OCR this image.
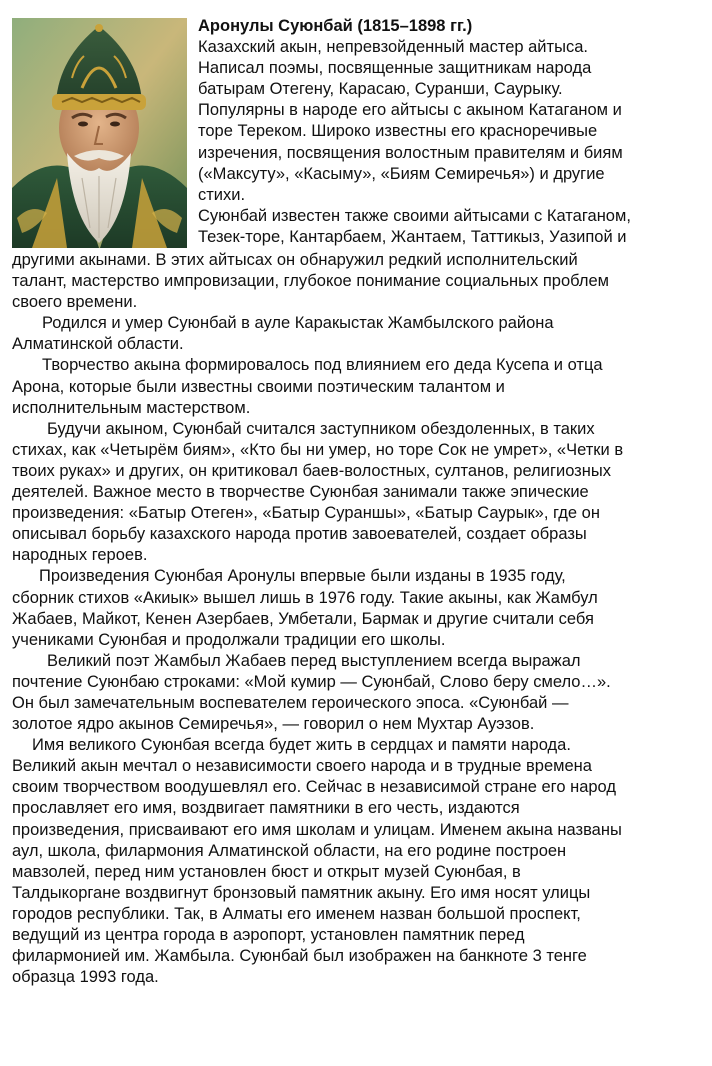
Аронулы Суюнбай (1815–1898 гг.)
Казахский акын, непревзойденный мастер айтыса.
Написал поэмы, посвященные защитникам народа
батырам Отегену, Карасаю, Суранши, Саурыку.
Популярны в народе его айтысы с акыном Катаганом и
торе Тереком. Широко известны его красноречивые
изречения, посвящения волостным правителям и биям
(«Максуту», «Касыму», «Биям Семиречья») и другие
стихи.
Суюнбай известен также своими айтысами с Катаганом,
Тезек-торе, Кантарбаем, Жантаем, Таттикыз, Уазипой и
другими акынами. В этих айтысах он обнаружил редкий исполнительский
талант, мастерство импровизации, глубокое понимание социальных проблем
своего времени.
Родился и умер Суюнбай в ауле Каракыстак Жамбылского района
Алматинской области.
Творчество акына формировалось под влиянием его деда Кусепа и отца
Арона, которые были известны своими поэтическим талантом и
исполнительным мастерством.
Будучи акыном, Суюнбай считался заступником обездоленных, в таких
стихах, как «Четырём биям», «Кто бы ни умер, но торе Сок не умрет», «Четки в
твоих руках» и других, он критиковал баев-волостных, султанов, религиозных
деятелей. Важное место в творчестве Суюнбая занимали также эпические
произведения: «Батыр Отеген», «Батыр Сураншы», «Батыр Саурык», где он
описывал борьбу казахского народа против завоевателей, создает образы
народных героев.
Произведения Суюнбая Аронулы впервые были изданы в 1935 году,
сборник стихов «Акиык» вышел лишь в 1976 году. Такие акыны, как Жамбул
Жабаев, Майкот, Кенен Азербаев, Умбетали, Бармак и другие считали себя
учениками Суюнбая и продолжали традиции его школы.
Великий поэт Жамбыл Жабаев перед выступлением всегда выражал
почтение Суюнбаю строками: «Мой кумир — Суюнбай, Слово беру смело…».
Он был замечательным воспевателем героического эпоса. «Суюнбай —
золотое ядро акынов Семиречья», — говорил о нем Мухтар Ауэзов.
Имя великого Суюнбая всегда будет жить в сердцах и памяти народа.
Великий акын мечтал о независимости своего народа и в трудные времена
своим творчеством воодушевлял его. Сейчас в независимой стране его народ
прославляет его имя, воздвигает памятники в его честь, издаются
произведения, присваивают его имя школам и улицам. Именем акына названы
аул, школа, филармония Алматинской области, на его родине построен
мавзолей, перед ним установлен бюст и открыт музей Суюнбая, в
Талдыкоргане воздвигнут бронзовый памятник акыну. Его имя носят улицы
городов республики. Так, в Алматы его именем назван большой проспект,
ведущий из центра города в аэропорт, установлен памятник перед
филармонией им. Жамбыла. Суюнбай был изображен на банкноте 3 тенге
образца 1993 года.
